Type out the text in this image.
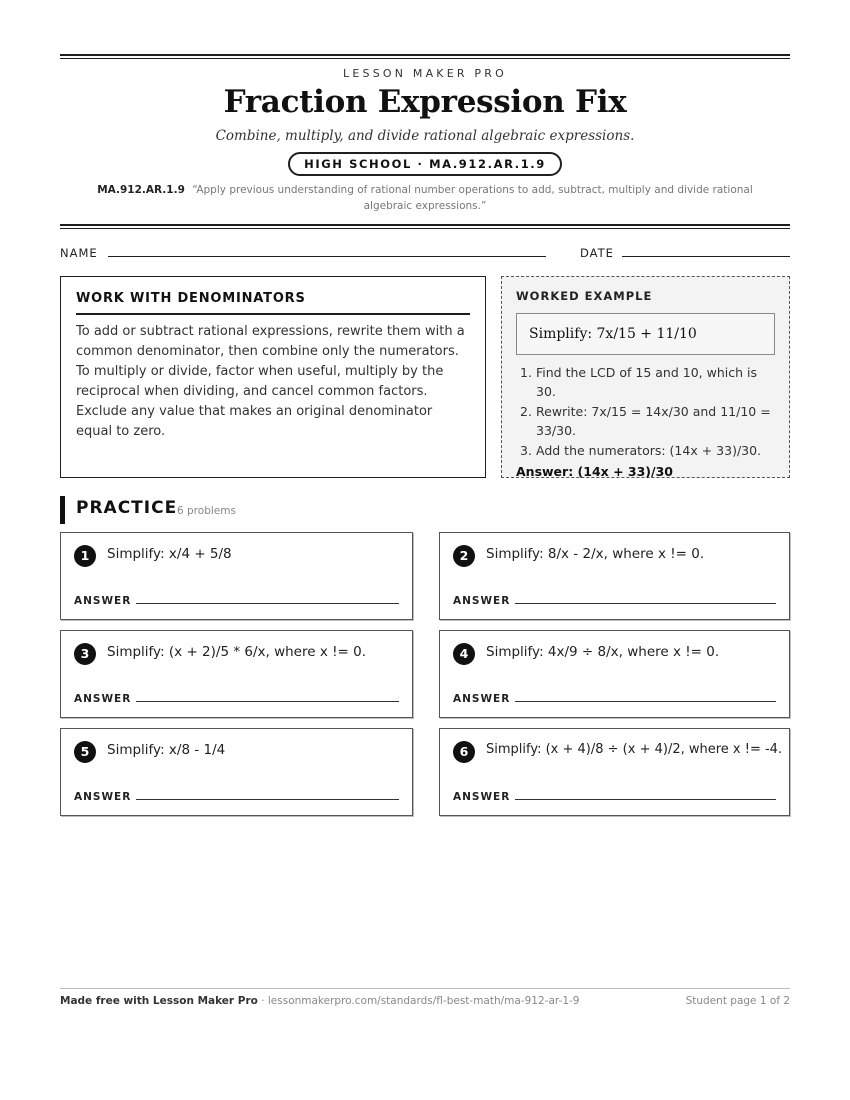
LESSON MAKER PRO
Fraction Expression Fix
Combine, multiply, and divide rational algebraic expressions.
HIGH SCHOOL · MA.912.AR.1.9
MA.912.AR.1.9 “Apply previous understanding of rational number operations to add, subtract, multiply and divide rational algebraic expressions.”
NAME	DATE
WORK WITH DENOMINATORS
To add or subtract rational expressions, rewrite them with a common denominator, then combine only the numerators. To multiply or divide, factor when useful, multiply by the reciprocal when dividing, and cancel common factors. Exclude any value that makes an original denominator equal to zero.
WORKED EXAMPLE
Simplify: 7x/15 + 11/10
1. Find the LCD of 15 and 10, which is 30.
2. Rewrite: 7x/15 = 14x/30 and 11/10 = 33/30.
3. Add the numerators: (14x + 33)/30.
Answer: (14x + 33)/30
PRACTICE 6 problems
1	Simplify: x/4 + 5/8
ANSWER
2	Simplify: 8/x - 2/x, where x != 0.
ANSWER
3	Simplify: (x + 2)/5 * 6/x, where x != 0.
ANSWER
4	Simplify: 4x/9 ÷ 8/x, where x != 0.
ANSWER
5	Simplify: x/8 - 1/4
ANSWER
6	Simplify: (x + 4)/8 ÷ (x + 4)/2, where x != -4.
ANSWER
Made free with Lesson Maker Pro · lessonmakerpro.com/standards/fl-best-math/ma-912-ar-1-9	Student page 1 of 2
